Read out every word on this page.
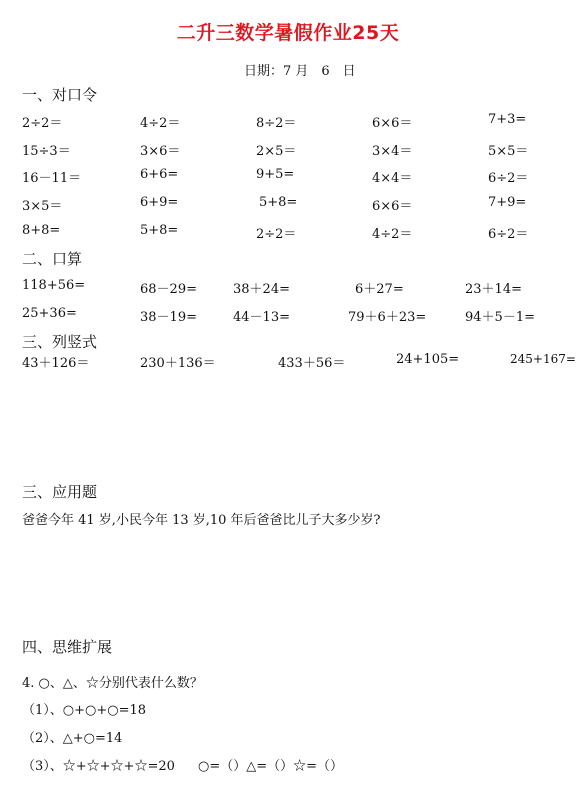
二升三数学暑假作业25天
日期：7 月　6　日
一、对口令
2÷2＝	4÷2＝	8÷2＝	6×6＝	7+3=
15÷3＝	3×6＝	2×5＝	3×4＝	5×5＝
16－11＝	6+6=	9+5=	4×4＝	6÷2＝
3×5＝	6+9=	5+8=	6×6＝	7+9=
8+8=	5+8=	2÷2＝	4÷2＝	6÷2＝
二、口算
118+56=	68－29=	38＋24=	6＋27=	23＋14=
25+36=	38－19=	44－13=	79＋6＋23=	94＋5－1=
三、列竖式
43＋126＝	230＋136＝	433＋56＝	24+105=	245+167=
三、应用题
爸爸今年 41 岁,小民今年 13 岁,10 年后爸爸比儿子大多少岁?
四、思维扩展
4. ○、△、☆分别代表什么数？
（1）、○+○+○=18
（2）、△+○=14
（3）、☆+☆+☆+☆=20 ○=（）△=（）☆=（）
